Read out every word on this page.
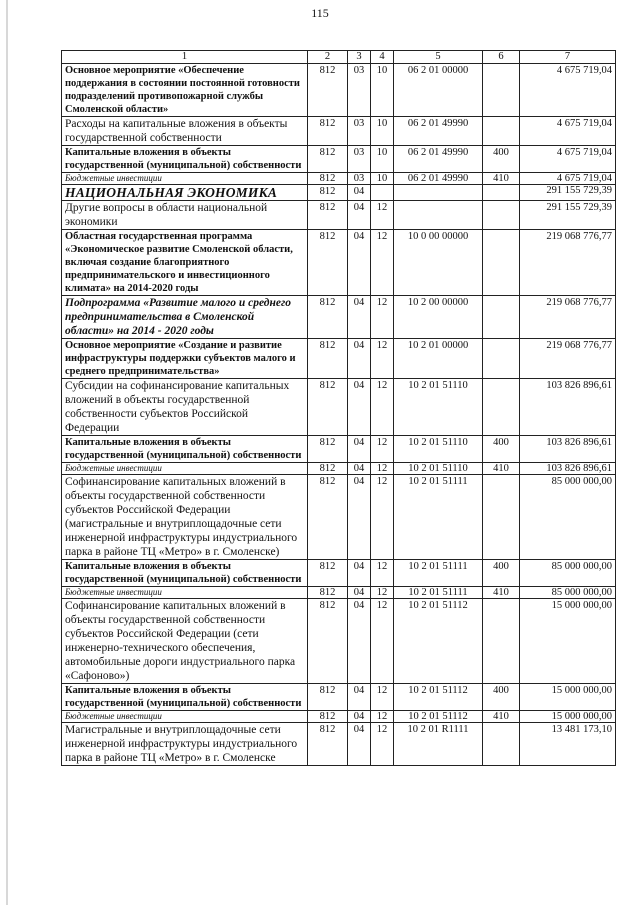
115
1	2	3	4	5	6	7
Основное мероприятие «Обеспечение поддержания в состоянии постоянной готовности подразделений противопожарной службы Смоленской области»	812	03	10	06 2 01 00000		4 675 719,04
Расходы на капитальные вложения в объекты государственной собственности	812	03	10	06 2 01 49990		4 675 719,04
Капитальные вложения в объекты государственной (муниципальной) собственности	812	03	10	06 2 01 49990	400	4 675 719,04
Бюджетные инвестиции	812	03	10	06 2 01 49990	410	4 675 719,04
НАЦИОНАЛЬНАЯ ЭКОНОМИКА	812	04				291 155 729,39
Другие вопросы в области национальной экономики	812	04	12			291 155 729,39
Областная государственная программа «Экономическое развитие Смоленской области, включая создание благоприятного предпринимательского и инвестиционного климата» на 2014-2020 годы	812	04	12	10 0 00 00000		219 068 776,77
Подпрограмма «Развитие малого и среднего предпринимательства в Смоленской области» на 2014 - 2020 годы	812	04	12	10 2 00 00000		219 068 776,77
Основное мероприятие «Создание и развитие инфраструктуры поддержки субъектов малого и среднего предпринимательства»	812	04	12	10 2 01 00000		219 068 776,77
Субсидии на софинансирование капитальных вложений в объекты государственной собственности субъектов Российской Федерации	812	04	12	10 2 01 51110		103 826 896,61
Капитальные вложения в объекты государственной (муниципальной) собственности	812	04	12	10 2 01 51110	400	103 826 896,61
Бюджетные инвестиции	812	04	12	10 2 01 51110	410	103 826 896,61
Софинансирование капитальных вложений в объекты государственной собственности субъектов Российской Федерации (магистральные и внутриплощадочные сети инженерной инфраструктуры индустриального парка в районе ТЦ «Метро» в г. Смоленске)	812	04	12	10 2 01 51111		85 000 000,00
Капитальные вложения в объекты государственной (муниципальной) собственности	812	04	12	10 2 01 51111	400	85 000 000,00
Бюджетные инвестиции	812	04	12	10 2 01 51111	410	85 000 000,00
Софинансирование капитальных вложений в объекты государственной собственности субъектов Российской Федерации (сети инженерно-технического обеспечения, автомобильные дороги индустриального парка «Сафоново»)	812	04	12	10 2 01 51112		15 000 000,00
Капитальные вложения в объекты государственной (муниципальной) собственности	812	04	12	10 2 01 51112	400	15 000 000,00
Бюджетные инвестиции	812	04	12	10 2 01 51112	410	15 000 000,00
Магистральные и внутриплощадочные сети инженерной инфраструктуры индустриального парка в районе ТЦ «Метро» в г. Смоленске	812	04	12	10 2 01 R1111		13 481 173,10
